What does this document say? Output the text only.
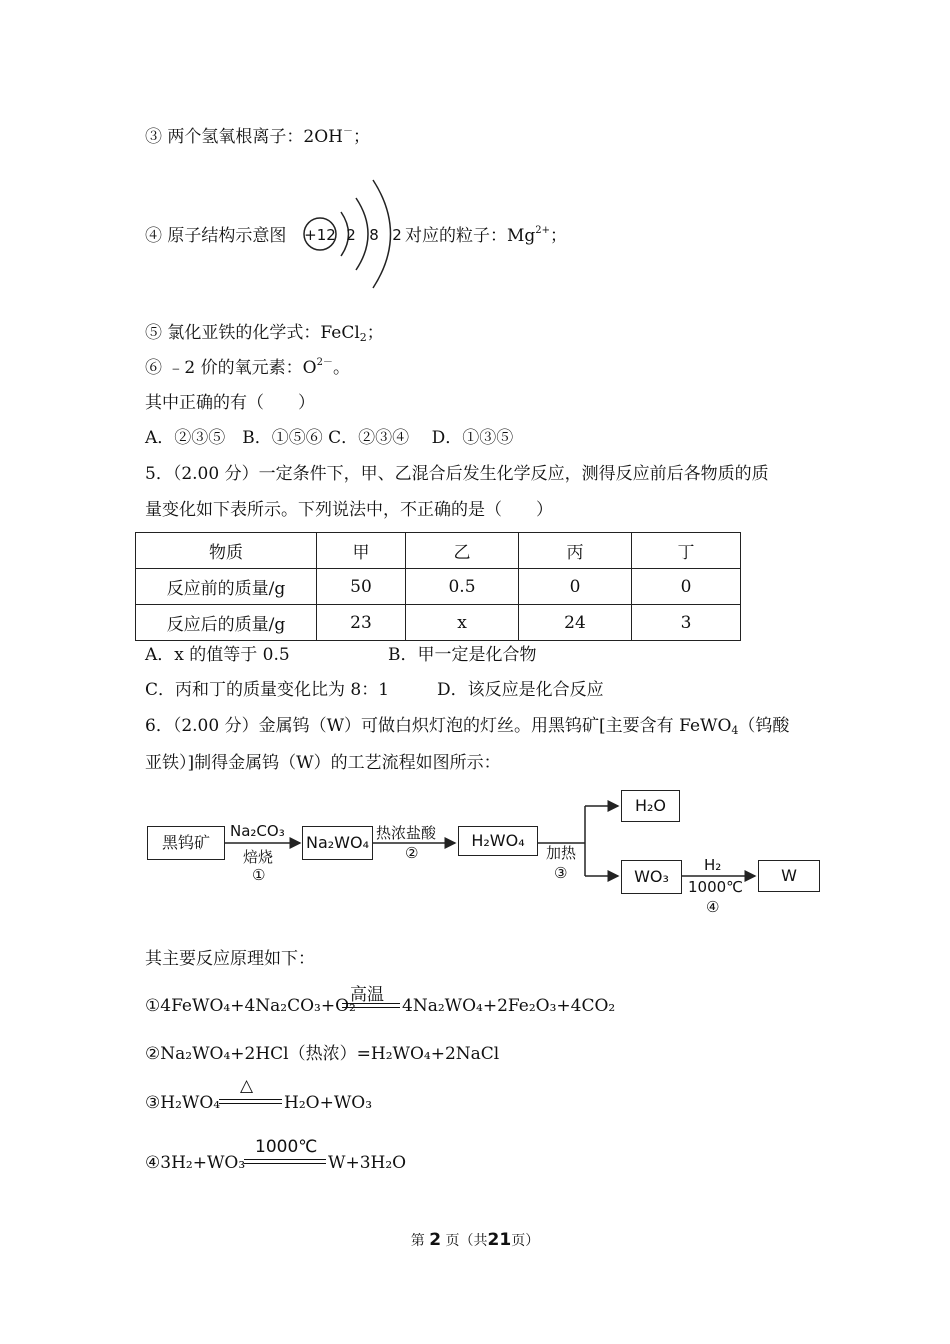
③ 两个氢氧根离子：2OH－；
④ 原子结构示意图 +12 2 8 2 对应的粒子：$Mg^{2+}$；
⑤ 氯化亚铁的化学式：FeCl$_2$；
⑥ ﹣2 价的氧元素：$O^{2-}$。
其中正确的有（　　）
A．②③⑤　B．①⑤⑥ C．②③④　 D．①③⑤
5．（2.00 分）一定条件下，甲、乙混合后发生化学反应，测得反应前后各物质的质
量变化如下表所示。下列说法中，不正确的是（　　）
物质	甲	乙	丙	丁
反应前的质量/g	50	0.5	0	0
反应后的质量/g	23	x	24	3
A．x 的值等于 0.5	B．甲一定是化合物
C．丙和丁的质量变化比为 8：1	D．该反应是化合反应
6．（2.00 分）金属钨（W）可做白炽灯泡的灯丝。用黑钨矿[主要含有 FeWO$_4$（钨酸
亚铁）]制得金属钨（W）的工艺流程如图所示：
黑钨矿	Na₂WO₄	H₂WO₄
H₂O
WO₃	W
Na₂CO₃
焙烧
①
热浓盐酸
②	加热
③	H₂
1000℃
④
其主要反应原理如下：
①4FeWO₄+4Na₂CO₃+O₂
高温
4Na₂WO₄+2Fe₂O₃+4CO₂
②Na₂WO₄+2HCl（热浓）=H₂WO₄+2NaCl
③H₂WO₄
△
H₂O+WO₃
④3H₂+WO₃
1000℃
W+3H₂O
第 2 页（共21页）
